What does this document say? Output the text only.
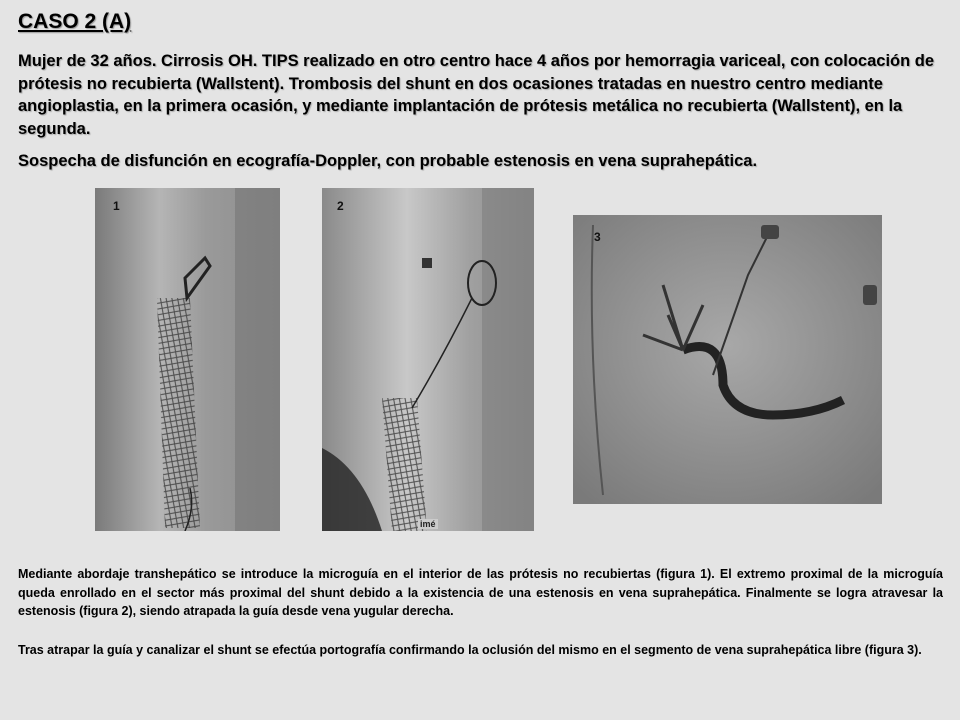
CASO 2 (A)
Mujer de 32 años. Cirrosis OH. TIPS realizado en otro centro hace 4 años por hemorragia variceal, con colocación de prótesis no recubierta (Wallstent). Trombosis del shunt en dos ocasiones tratadas en nuestro centro mediante angioplastia, en la primera ocasión, y mediante implantación de prótesis metálica no recubierta (Wallstent), en la segunda.
Sospecha de disfunción en ecografía-Doppler, con probable estenosis en vena suprahepática.
1	2
imé
3
Mediante abordaje transhepático se introduce la microguía en el interior de las prótesis no recubiertas (figura 1). El extremo proximal de la microguía queda enrollado en el sector más proximal del shunt debido a la existencia de una estenosis en vena suprahepática. Finalmente se logra atravesar la estenosis (figura 2), siendo atrapada la guía desde vena yugular derecha.
Tras atrapar la guía y canalizar el shunt se efectúa portografía confirmando la oclusión del mismo en el segmento de vena suprahepática libre (figura 3).
